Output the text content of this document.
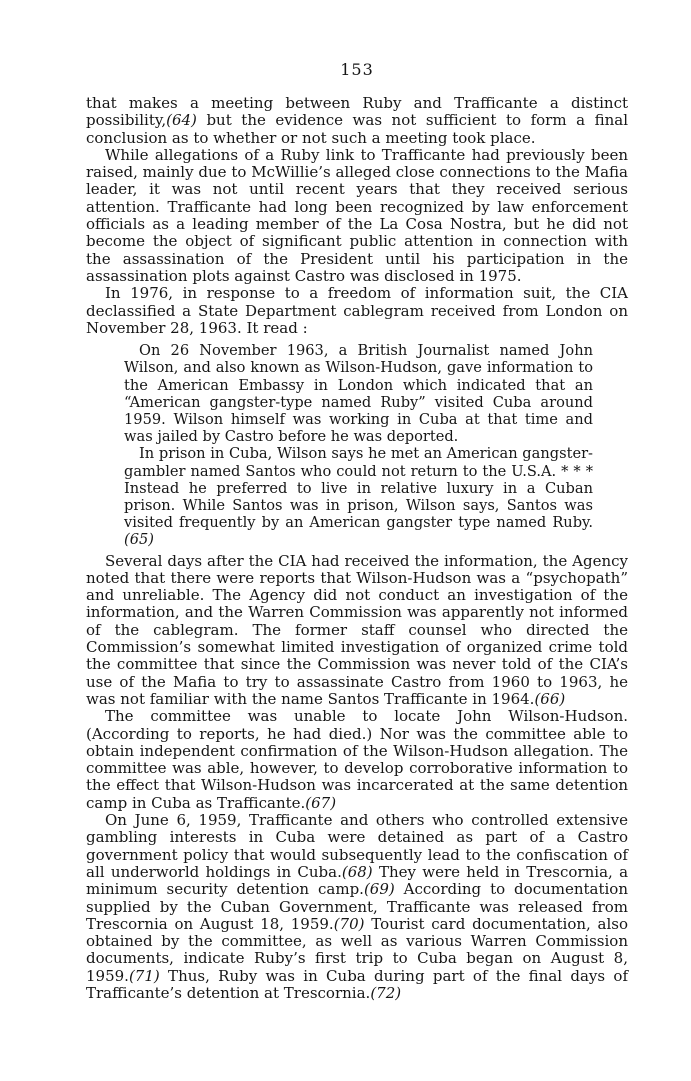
153

that makes a meeting between Ruby and Trafficante a distinct possibility,(64) but the evidence was not sufficient to form a final conclusion as to whether or not such a meeting took place.

While allegations of a Ruby link to Trafficante had previously been raised, mainly due to McWillie’s alleged close connections to the Mafia leader, it was not until recent years that they received serious attention. Trafficante had long been recognized by law enforcement officials as a leading member of the La Cosa Nostra, but he did not become the object of significant public attention in connection with the assassination of the President until his participation in the assassination plots against Castro was disclosed in 1975.

In 1976, in response to a freedom of information suit, the CIA declassified a State Department cablegram received from London on November 28, 1963. It read :

On 26 November 1963, a British Journalist named John Wilson, and also known as Wilson-Hudson, gave information to the American Embassy in London which indicated that an “American gangster-type named Ruby” visited Cuba around 1959. Wilson himself was working in Cuba at that time and was jailed by Castro before he was deported.

In prison in Cuba, Wilson says he met an American gangster-gambler named Santos who could not return to the U.S.A. * * * Instead he preferred to live in relative luxury in a Cuban prison. While Santos was in prison, Wilson says, Santos was visited frequently by an American gangster type named Ruby.(65)

Several days after the CIA had received the information, the Agency noted that there were reports that Wilson-Hudson was a “psychopath” and unreliable. The Agency did not conduct an investigation of the information, and the Warren Commission was apparently not informed of the cablegram. The former staff counsel who directed the Commission’s somewhat limited investigation of organized crime told the committee that since the Commission was never told of the CIA’s use of the Mafia to try to assassinate Castro from 1960 to 1963, he was not familiar with the name Santos Trafficante in 1964.(66)

The committee was unable to locate John Wilson-Hudson. (According to reports, he had died.) Nor was the committee able to obtain independent confirmation of the Wilson-Hudson allegation. The committee was able, however, to develop corroborative information to the effect that Wilson-Hudson was incarcerated at the same detention camp in Cuba as Trafficante.(67)

On June 6, 1959, Trafficante and others who controlled extensive gambling interests in Cuba were detained as part of a Castro government policy that would subsequently lead to the confiscation of all underworld holdings in Cuba.(68) They were held in Trescornia, a minimum security detention camp.(69) According to documentation supplied by the Cuban Government, Trafficante was released from Trescornia on August 18, 1959.(70) Tourist card documentation, also obtained by the committee, as well as various Warren Commission documents, indicate Ruby’s first trip to Cuba began on August 8, 1959.(71) Thus, Ruby was in Cuba during part of the final days of Trafficante’s detention at Trescornia.(72)
